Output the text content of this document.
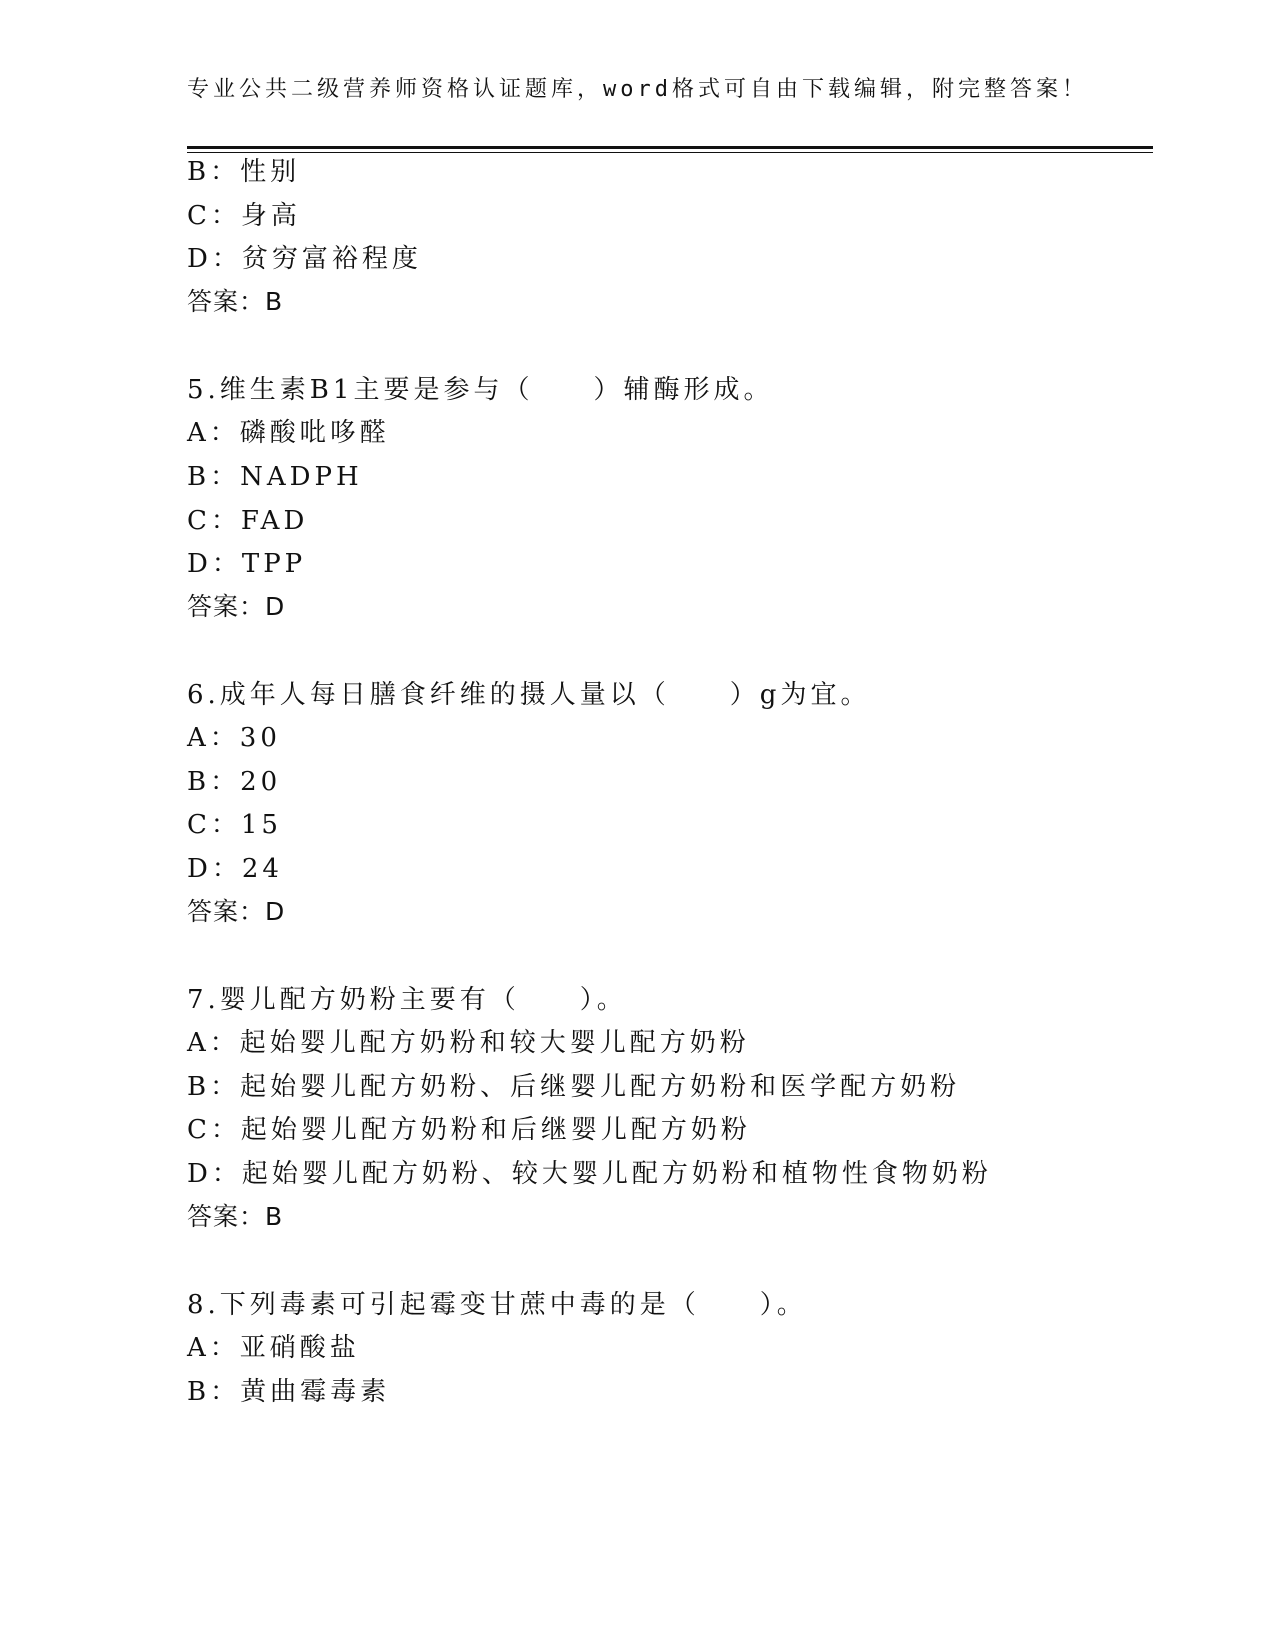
专业公共二级营养师资格认证题库，word格式可自由下载编辑，附完整答案！
B：性别
C：身高
D：贫穷富裕程度
答案：B
5.维生素B1主要是参与（　　）辅酶形成。
A：磷酸吡哆醛
B：NADPH
C：FAD
D：TPP
答案：D
6.成年人每日膳食纤维的摄人量以（　　）g为宜。
A：30
B：20
C：15
D：24
答案：D
7.婴儿配方奶粉主要有（　　）。
A：起始婴儿配方奶粉和较大婴儿配方奶粉
B：起始婴儿配方奶粉、后继婴儿配方奶粉和医学配方奶粉
C：起始婴儿配方奶粉和后继婴儿配方奶粉
D：起始婴儿配方奶粉、较大婴儿配方奶粉和植物性食物奶粉
答案：B
8.下列毒素可引起霉变甘蔗中毒的是（　　）。
A：亚硝酸盐
B：黄曲霉毒素
